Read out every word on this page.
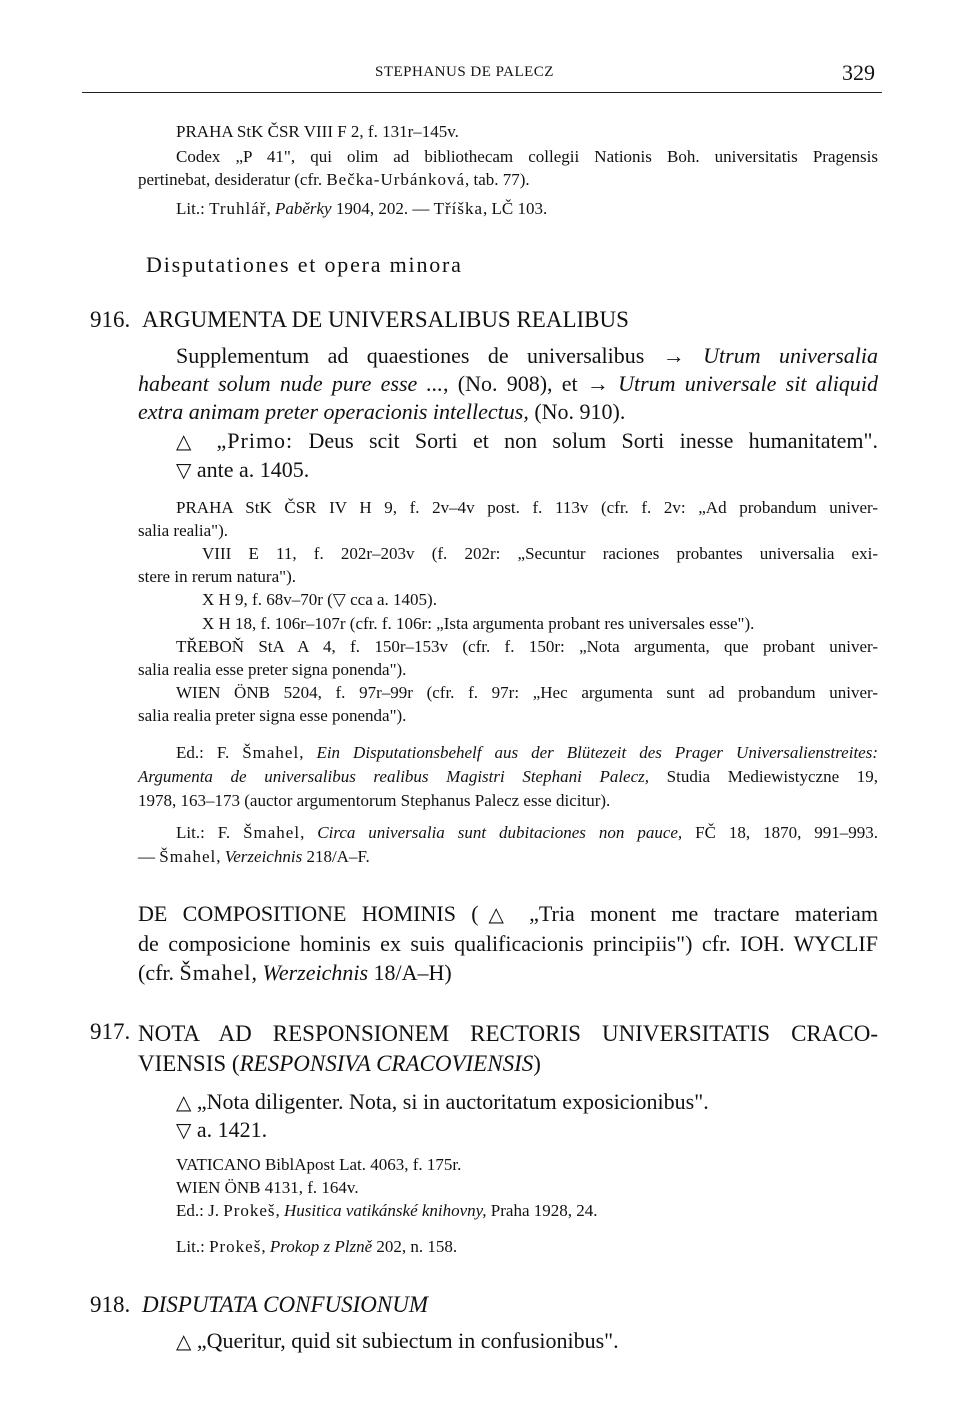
STEPHANUS DE PALECZ	329
PRAHA StK ČSR VIII F 2, f. 131r–145v.
Codex „P 41", qui olim ad bibliothecam collegii Nationis Boh. universitatis Pragensis
pertinebat, desideratur (cfr. Bečka-Urbánková, tab. 77).
Lit.: Truhlář, Paběrky 1904, 202. — Tříška, LČ 103.
Disputationes et opera minora
916. ARGUMENTA DE UNIVERSALIBUS REALIBUS
Supplementum ad quaestiones de universalibus → Utrum universalia
habeant solum nude pure esse ..., (No. 908), et → Utrum universale sit aliquid
extra animam preter operacionis intellectus, (No. 910).
△ „Primo: Deus scit Sorti et non solum Sorti inesse humanitatem".
▽ ante a. 1405.
PRAHA StK ČSR IV H 9, f. 2v–4v post. f. 113v (cfr. f. 2v: „Ad probandum univer-
salia realia").
VIII E 11, f. 202r–203v (f. 202r: „Secuntur raciones probantes universalia exi-
stere in rerum natura").
X H 9, f. 68v–70r (▽ cca a. 1405).
X H 18, f. 106r–107r (cfr. f. 106r: „Ista argumenta probant res universales esse").
TŘEBOŇ StA A 4, f. 150r–153v (cfr. f. 150r: „Nota argumenta, que probant univer-
salia realia esse preter signa ponenda").
WIEN ÖNB 5204, f. 97r–99r (cfr. f. 97r: „Hec argumenta sunt ad probandum univer-
salia realia preter signa esse ponenda").
Ed.: F. Šmahel, Ein Disputationsbehelf aus der Blütezeit des Prager Universalienstreites:
Argumenta de universalibus realibus Magistri Stephani Palecz, Studia Mediewistyczne 19,
1978, 163–173 (auctor argumentorum Stephanus Palecz esse dicitur).
Lit.: F. Šmahel, Circa universalia sunt dubitaciones non pauce, FČ 18, 1870, 991–993.
— Šmahel, Verzeichnis 218/A–F.
DE COMPOSITIONE HOMINIS (△ „Tria monent me tractare materiam
de composicione hominis ex suis qualificacionis principiis") cfr. IOH. WYCLIF
(cfr. Šmahel, Werzeichnis 18/A–H)
917. NOTA AD RESPONSIONEM RECTORIS UNIVERSITATIS CRACO-
VIENSIS (RESPONSIVA CRACOVIENSIS)
△ „Nota diligenter. Nota, si in auctoritatum exposicionibus".
▽ a. 1421.
VATICANO BiblApost Lat. 4063, f. 175r.
WIEN ÖNB 4131, f. 164v.
Ed.: J. Prokeš, Husitica vatikánské knihovny, Praha 1928, 24.
Lit.: Prokeš, Prokop z Plzně 202, n. 158.
918. DISPUTATA CONFUSIONUM
△ „Queritur, quid sit subiectum in confusionibus".
